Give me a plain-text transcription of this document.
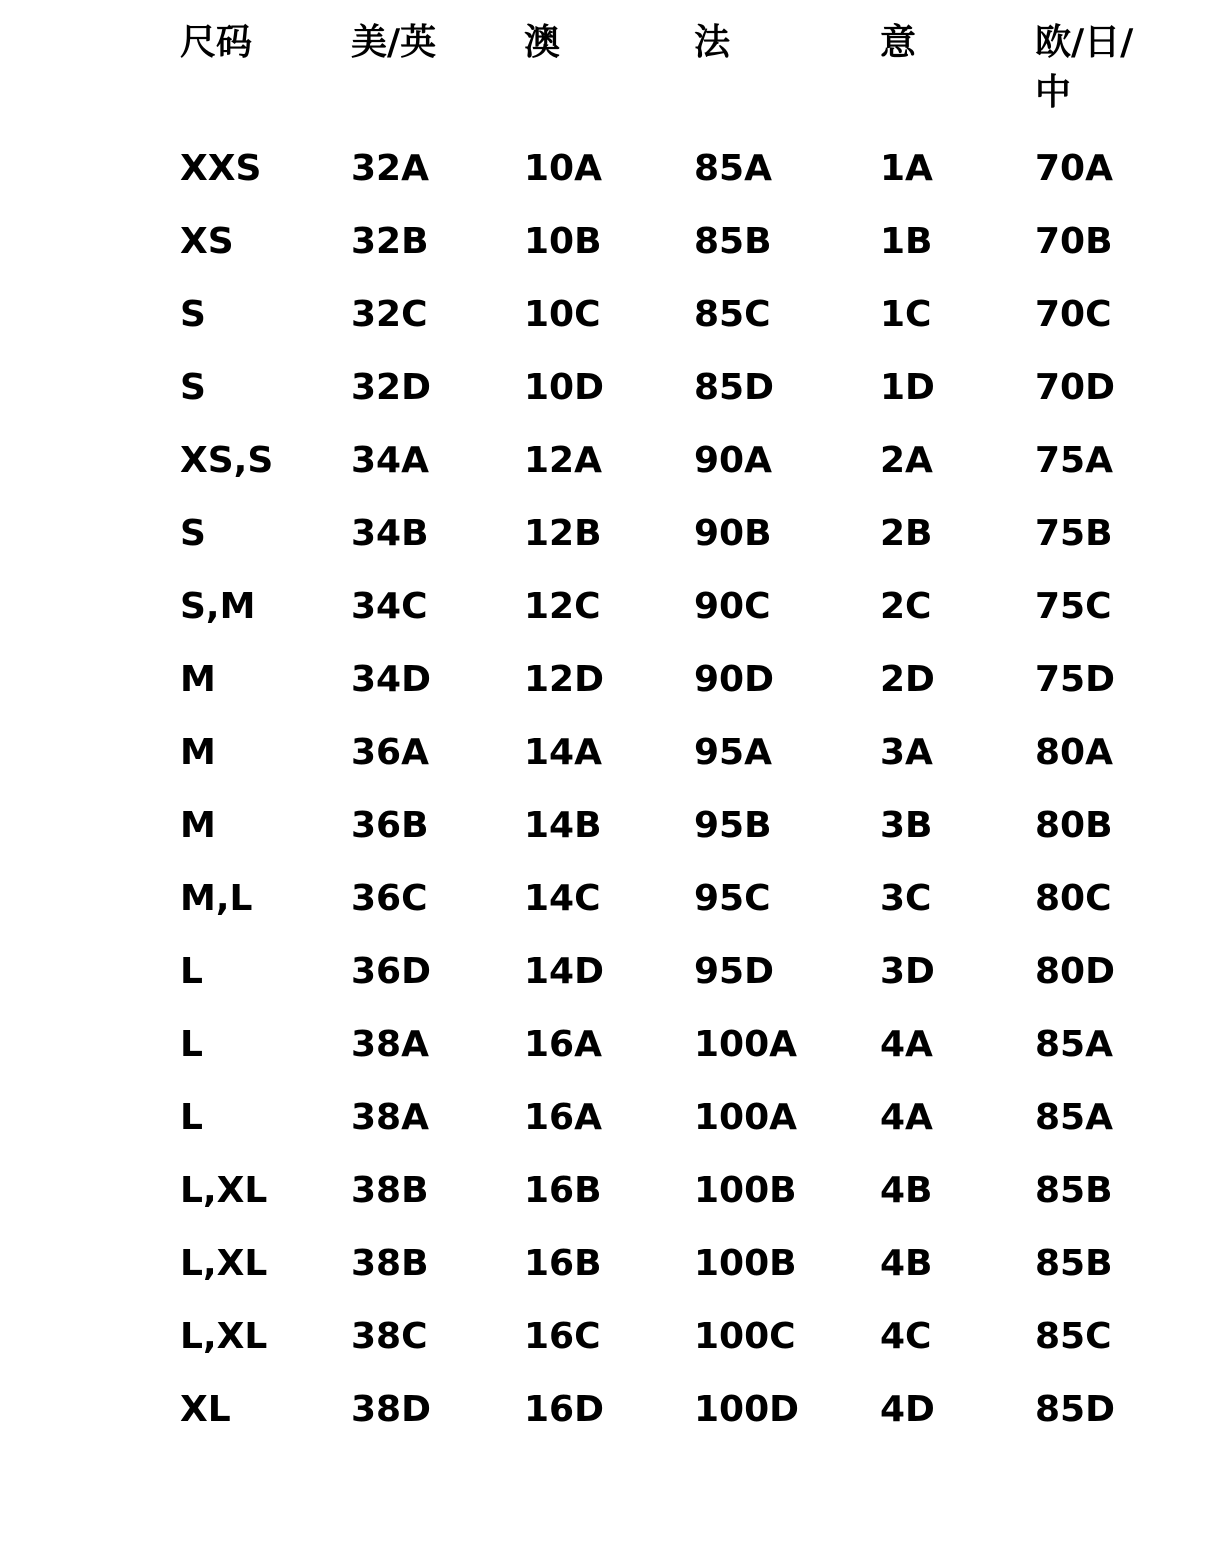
尺码	美/英	澳	法	意	欧/日/中

XXS	32A	10A	85A	1A	70A
XS	32B	10B	85B	1B	70B
S	32C	10C	85C	1C	70C
S	32D	10D	85D	1D	70D
XS,S	34A	12A	90A	2A	75A
S	34B	12B	90B	2B	75B
S,M	34C	12C	90C	2C	75C
M	34D	12D	90D	2D	75D
M	36A	14A	95A	3A	80A
M	36B	14B	95B	3B	80B
M,L	36C	14C	95C	3C	80C
L	36D	14D	95D	3D	80D
L	38A	16A	100A	4A	85A
L	38A	16A	100A	4A	85A
L,XL	38B	16B	100B	4B	85B
L,XL	38B	16B	100B	4B	85B
L,XL	38C	16C	100C	4C	85C
XL	38D	16D	100D	4D	85D
